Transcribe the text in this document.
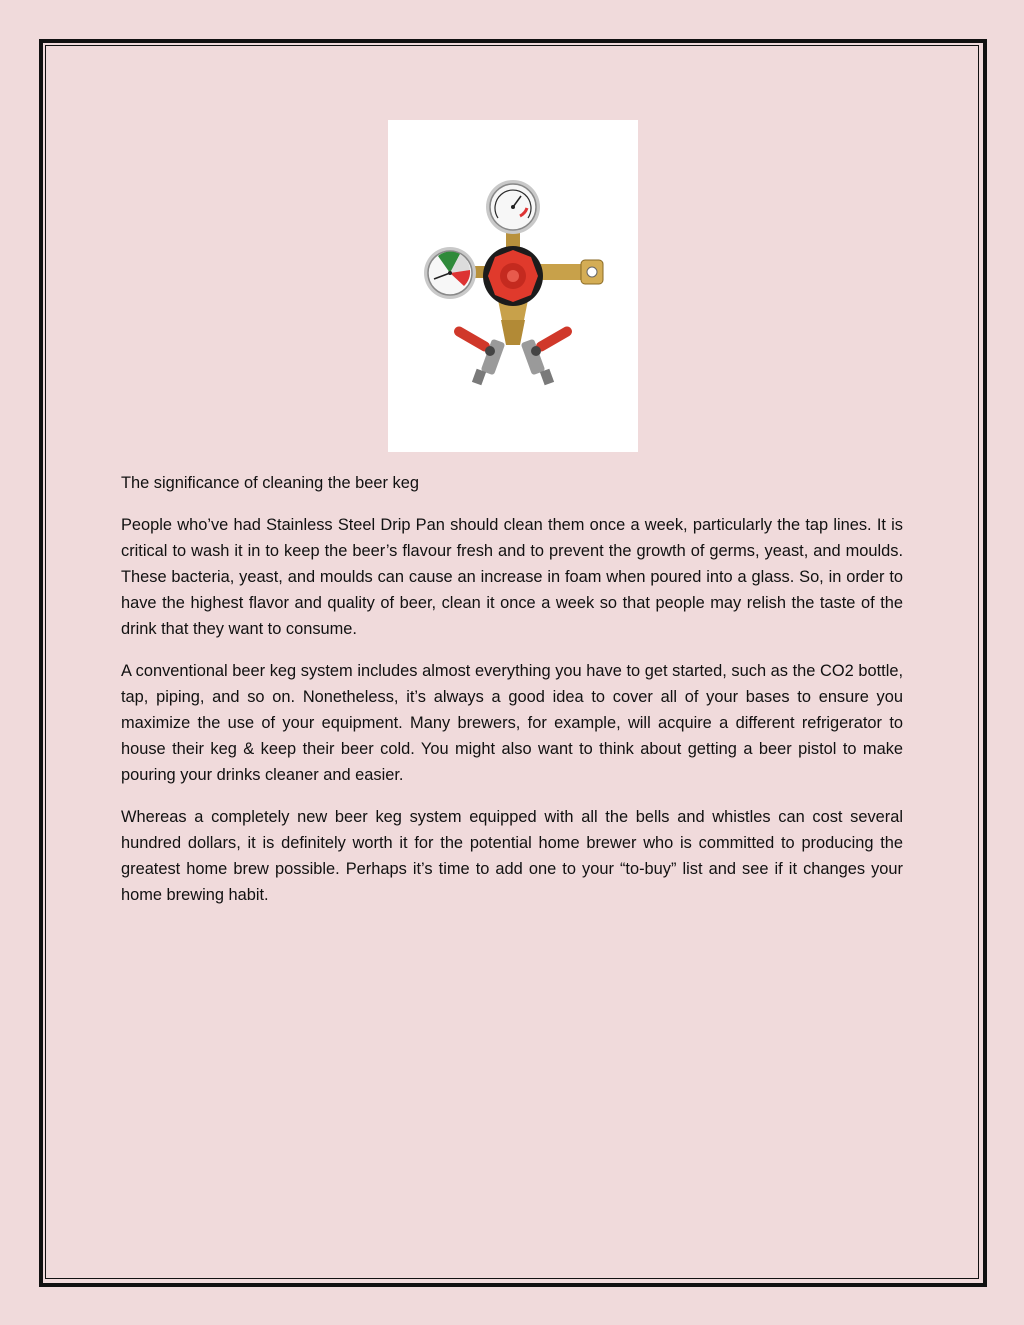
The significance of cleaning the beer keg

People who’ve had Stainless Steel Drip Pan should clean them once a week, particularly the tap lines. It is critical to wash it in to keep the beer’s flavour fresh and to prevent the growth of germs, yeast, and moulds. These bacteria, yeast, and moulds can cause an increase in foam when poured into a glass. So, in order to have the highest flavor and quality of beer, clean it once a week so that people may relish the taste of the drink that they want to consume.

A conventional beer keg system includes almost everything you have to get started, such as the CO2 bottle, tap, piping, and so on. Nonetheless, it’s always a good idea to cover all of your bases to ensure you maximize the use of your equipment. Many brewers, for example, will acquire a different refrigerator to house their keg & keep their beer cold. You might also want to think about getting a beer pistol to make pouring your drinks cleaner and easier.

Whereas a completely new beer keg system equipped with all the bells and whistles can cost several hundred dollars, it is definitely worth it for the potential home brewer who is committed to producing the greatest home brew possible. Perhaps it’s time to add one to your “to-buy” list and see if it changes your home brewing habit.
